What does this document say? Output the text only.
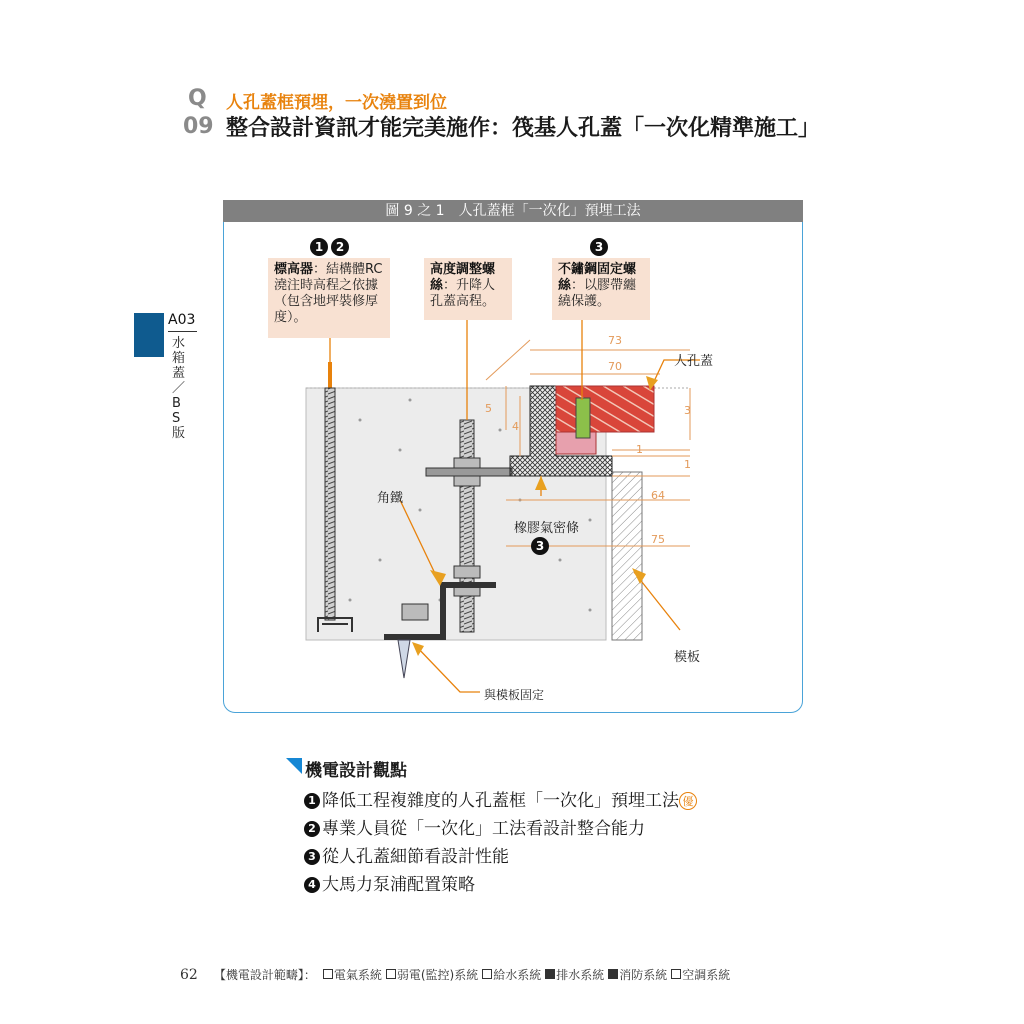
Q
09
人孔蓋框預埋，一次澆置到位
整合設計資訊才能完美施作：筏基人孔蓋「一次化精準施工」
A03
水箱蓋／BS版
圖 9 之 1　人孔蓋框「一次化」預埋工法
1	2
標高器：結構體RC澆注時高程之依據（包含地坪裝修厚度）。
高度調整螺絲：升降人孔蓋高程。
3
不鏽鋼固定螺絲：以膠帶纏繞保護。
人孔蓋
角鐵
橡膠氣密條
3
模板
與模板固定
73
70
5
4
3
1
1
64
75
機電設計觀點
1 降低工程複雜度的人孔蓋框「一次化」預埋工法 優
2 專業人員從「一次化」工法看設計整合能力
3 從人孔蓋細節看設計性能
4 大馬力泵浦配置策略
62 【機電設計範疇】： 電氣系統 弱電(監控)系統 給水系統 排水系統 消防系統 空調系統
